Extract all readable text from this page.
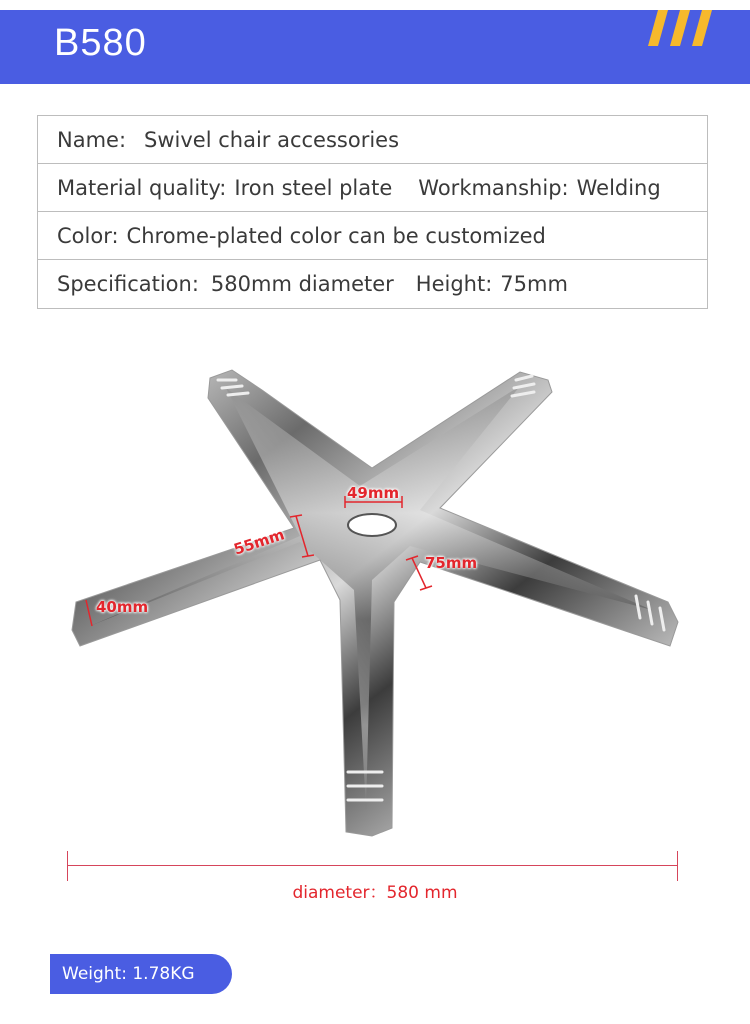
B580
Name: Swivel chair accessories
Material quality: Iron steel plate Workmanship: Welding
Color: Chrome-plated color can be customized
Specification: 580mm diameter Height: 75mm
49mm
55mm
75mm
40mm
diameter：580 mm
Weight: 1.78KG
